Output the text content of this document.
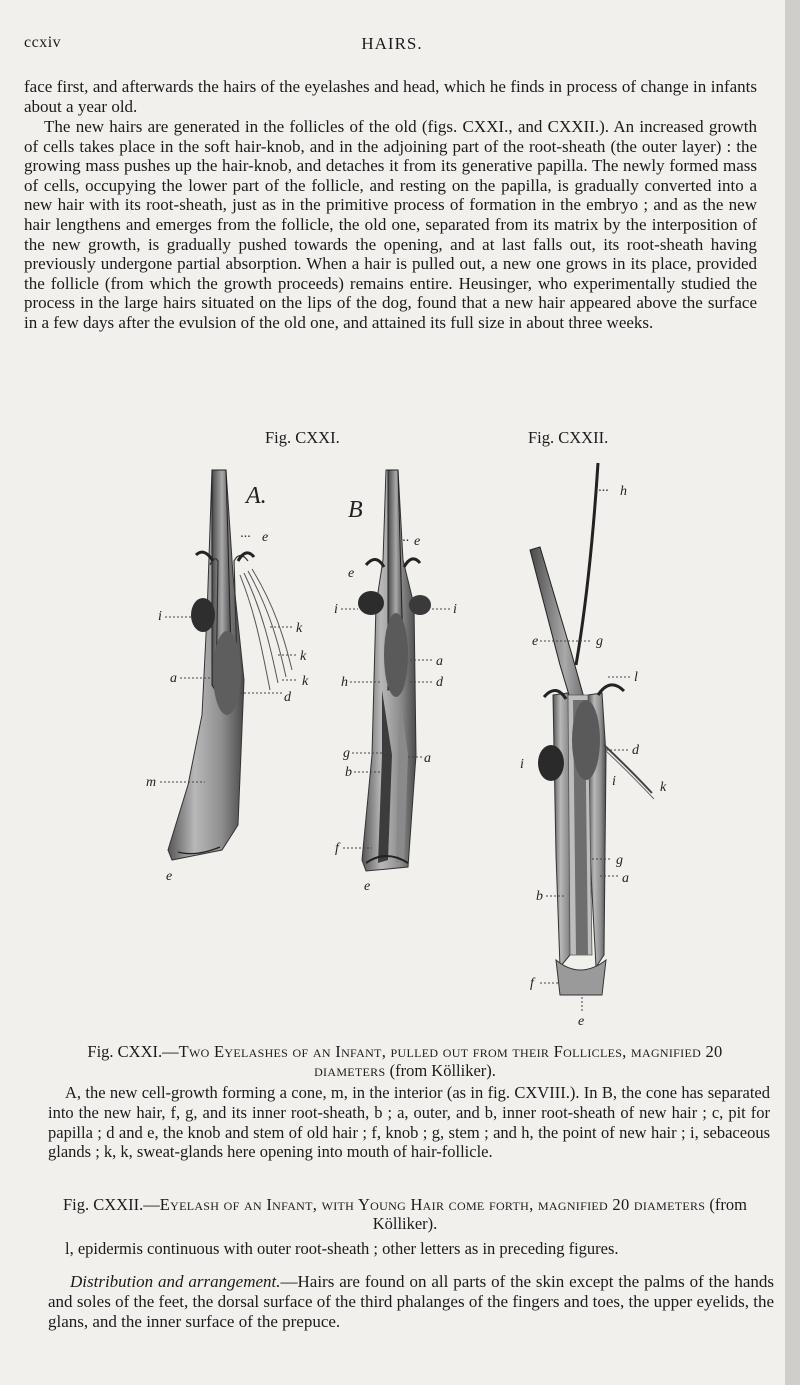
ccxiv	HAIRS.

face first, and afterwards the hairs of the eyelashes and head, which he finds in process of change in infants about a year old.

The new hairs are generated in the follicles of the old (figs. CXXI., and CXXII.). An increased growth of cells takes place in the soft hair-knob, and in the adjoining part of the root-sheath (the outer layer) : the growing mass pushes up the hair-knob, and detaches it from its generative papilla. The newly formed mass of cells, occupying the lower part of the follicle, and resting on the papilla, is gradually converted into a new hair with its root-sheath, just as in the primitive process of formation in the embryo ; and as the new hair lengthens and emerges from the follicle, the old one, separated from its matrix by the interposition of the new growth, is gradually pushed towards the opening, and at last falls out, its root-sheath having previously undergone partial absorption. When a hair is pulled out, a new one grows in its place, provided the follicle (from which the growth proceeds) remains entire. Heusinger, who experimentally studied the process in the large hairs situated on the lips of the dog, found that a new hair appeared above the surface in a few days after the evulsion of the old one, and attained its full size in about three weeks.

Fig. CXXI.	Fig. CXXII.
A.
··· e
i
k
k
a	k
d
m
e
B
·· e
e
i	i
a
h	d
g	a
b
f
e
··· h
e	g
l
i
d
i	k
g
a
b
f
e

Fig. CXXI.—Two Eyelashes of an Infant, pulled out from their Follicles, magnified 20 diameters (from Kölliker).

A, the new cell-growth forming a cone, m, in the interior (as in fig. CXVIII.). In B, the cone has separated into the new hair, f, g, and its inner root-sheath, b ; a, outer, and b, inner root-sheath of new hair ; c, pit for papilla ; d and e, the knob and stem of old hair ; f, knob ; g, stem ; and h, the point of new hair ; i, sebaceous glands ; k, k, sweat-glands here opening into mouth of hair-follicle.

Fig. CXXII.—Eyelash of an Infant, with Young Hair come forth, magnified 20 diameters (from Kölliker).

l, epidermis continuous with outer root-sheath ; other letters as in preceding figures.

Distribution and arrangement.—Hairs are found on all parts of the skin except the palms of the hands and soles of the feet, the dorsal surface of the third phalanges of the fingers and toes, the upper eyelids, the glans, and the inner surface of the prepuce.
